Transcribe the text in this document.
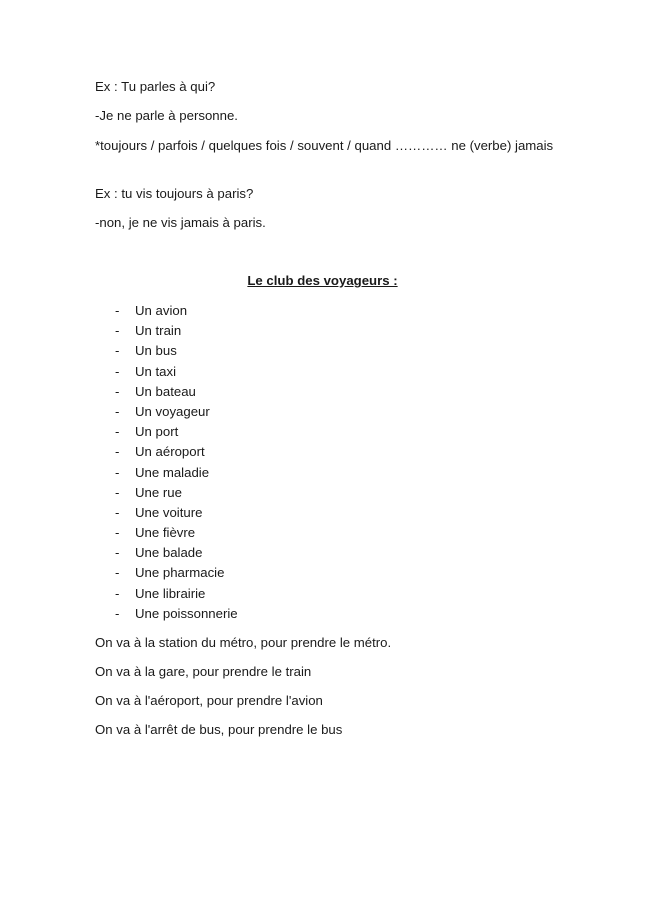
Ex : Tu parles à qui?

-Je ne parle à personne.

*toujours / parfois / quelques fois / souvent / quand ………… ne (verbe) jamais

Ex : tu vis toujours à paris?

-non, je ne vis jamais à paris.

Le club des voyageurs :
- Un avion
- Un train
- Un bus
- Un taxi
- Un bateau
- Un voyageur
- Un port
- Un aéroport
- Une maladie
- Une rue
- Une voiture
- Une fièvre
- Une balade
- Une pharmacie
- Une librairie
- Une poissonnerie

On va à la station du métro, pour prendre le métro.

On va à la gare, pour prendre le train

On va à l'aéroport, pour prendre l'avion

On va à l'arrêt de bus, pour prendre le bus
